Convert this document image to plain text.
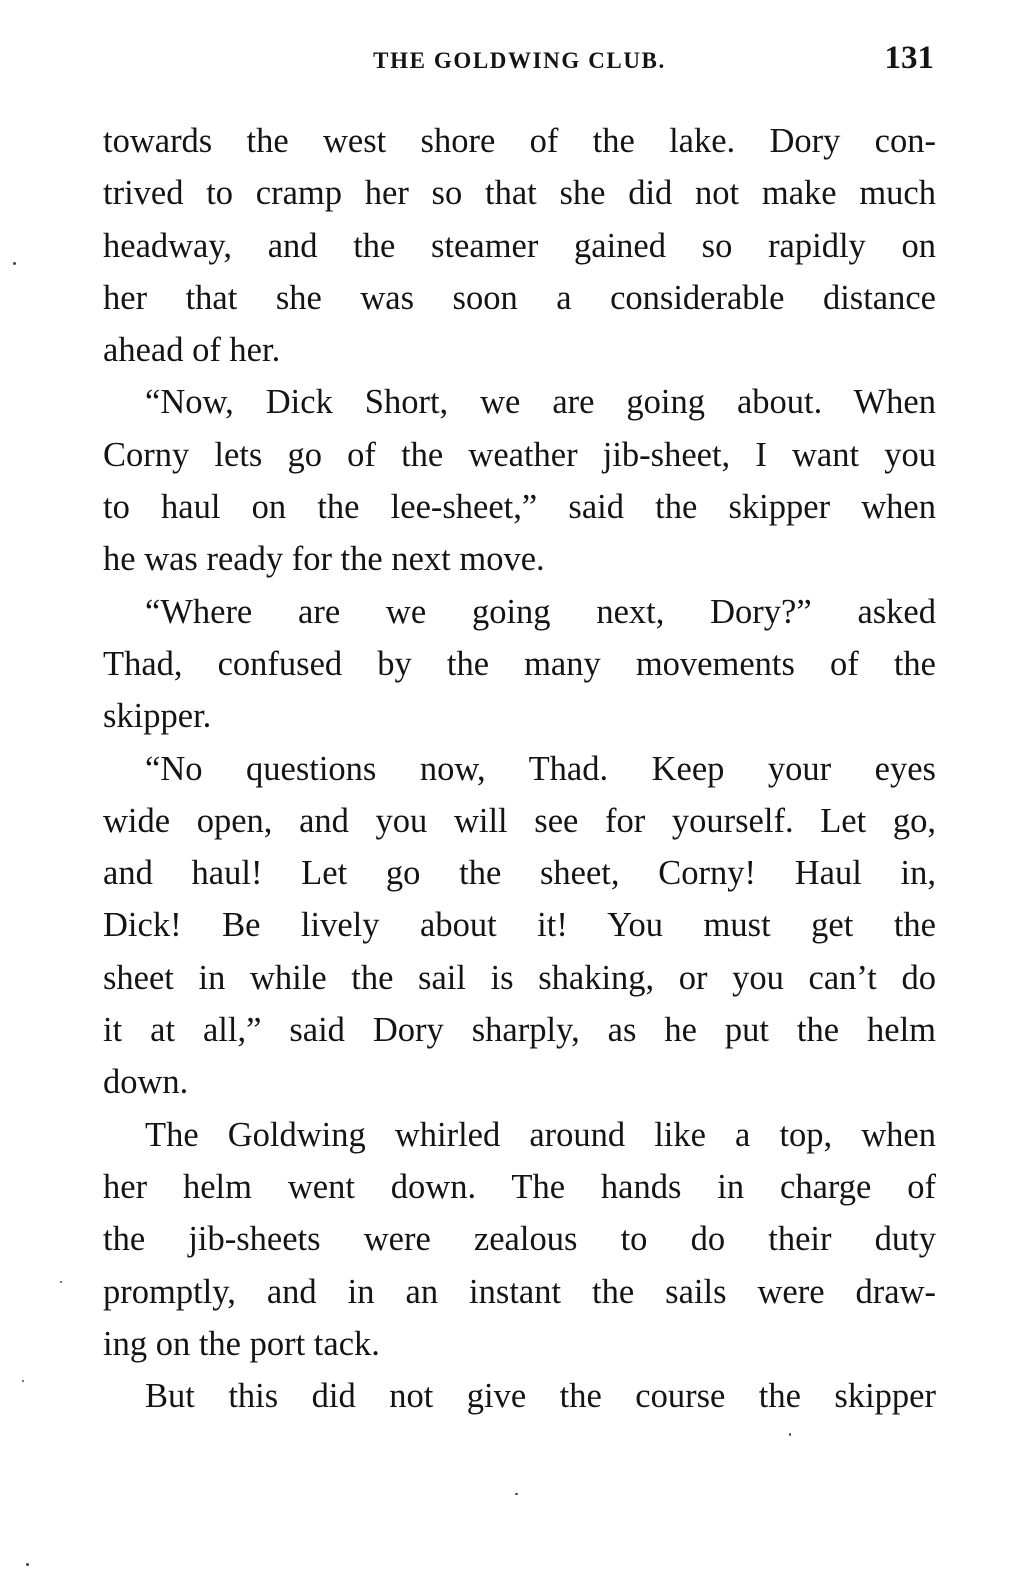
THE GOLDWING CLUB.	131
towards the west shore of the lake. Dory con-
trived to cramp her so that she did not make much
headway, and the steamer gained so rapidly on
her that she was soon a considerable distance
ahead of her.
“Now, Dick Short, we are going about. When
Corny lets go of the weather jib-sheet, I want you
to haul on the lee-sheet,” said the skipper when
he was ready for the next move.
“Where are we going next, Dory?” asked
Thad, confused by the many movements of the
skipper.
“No questions now, Thad. Keep your eyes
wide open, and you will see for yourself. Let go,
and haul! Let go the sheet, Corny! Haul in,
Dick! Be lively about it! You must get the
sheet in while the sail is shaking, or you can’t do
it at all,” said Dory sharply, as he put the helm
down.
The Goldwing whirled around like a top, when
her helm went down. The hands in charge of
the jib-sheets were zealous to do their duty
promptly, and in an instant the sails were draw-
ing on the port tack.
But this did not give the course the skipper
